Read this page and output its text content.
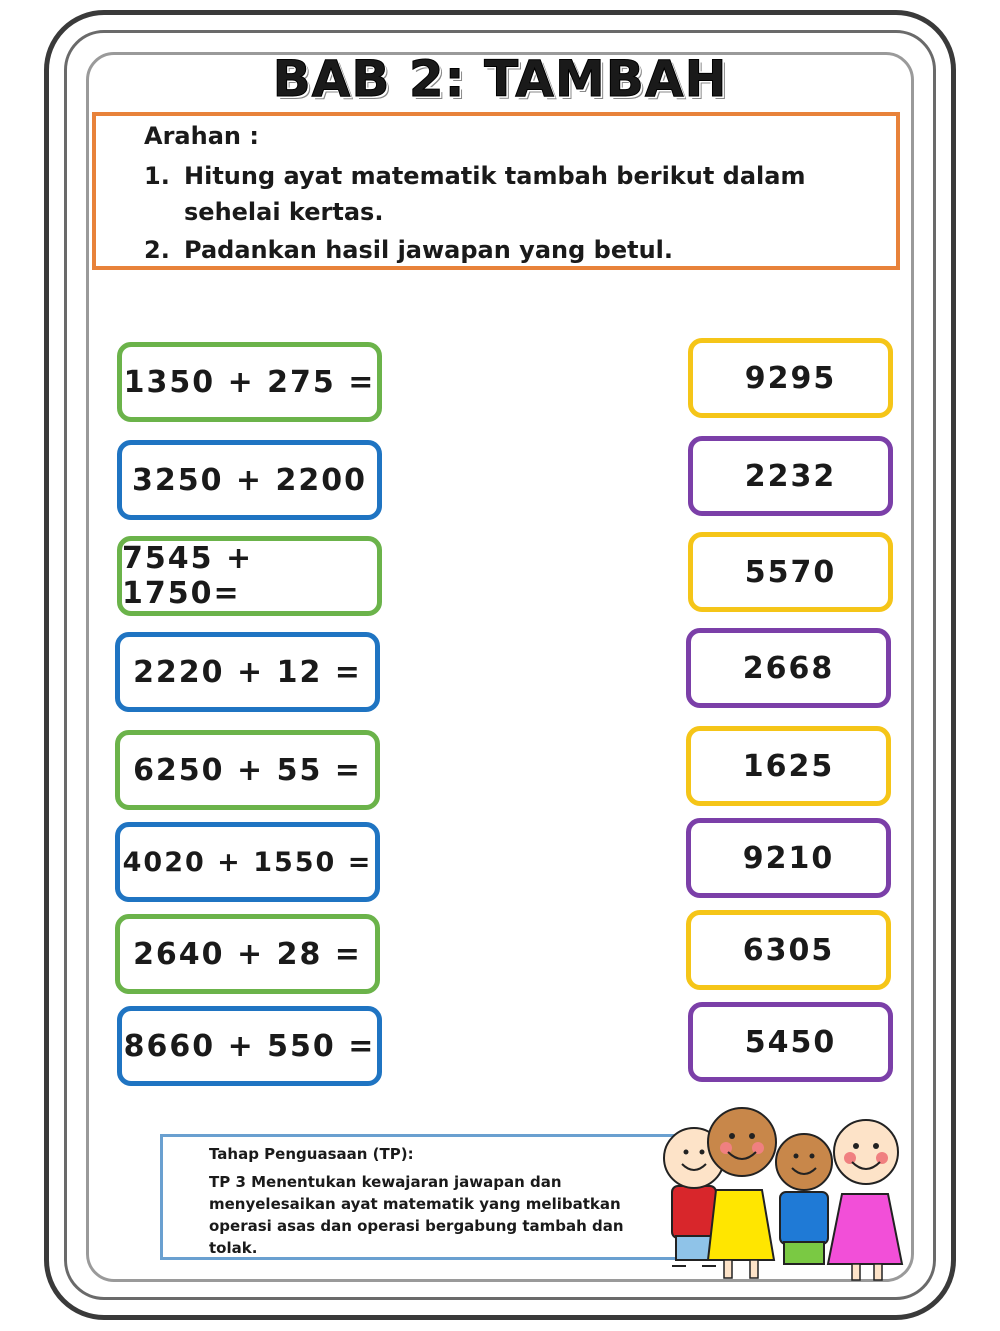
BAB 2: TAMBAH
Arahan :
1. Hitung ayat matematik tambah berikut dalam sehelai kertas.
2. Padankan hasil jawapan yang betul.
1350 + 275 =
3250 + 2200
7545 + 1750=
2220 + 12 =
6250 + 55 =
4020 + 1550 =
2640 + 28 =
8660 + 550 =
9295
2232
5570
2668
1625
9210
6305
5450
Tahap Penguasaan (TP):
TP 3 Menentukan kewajaran jawapan dan menyelesaikan ayat matematik yang melibatkan operasi asas dan operasi bergabung tambah dan tolak.
